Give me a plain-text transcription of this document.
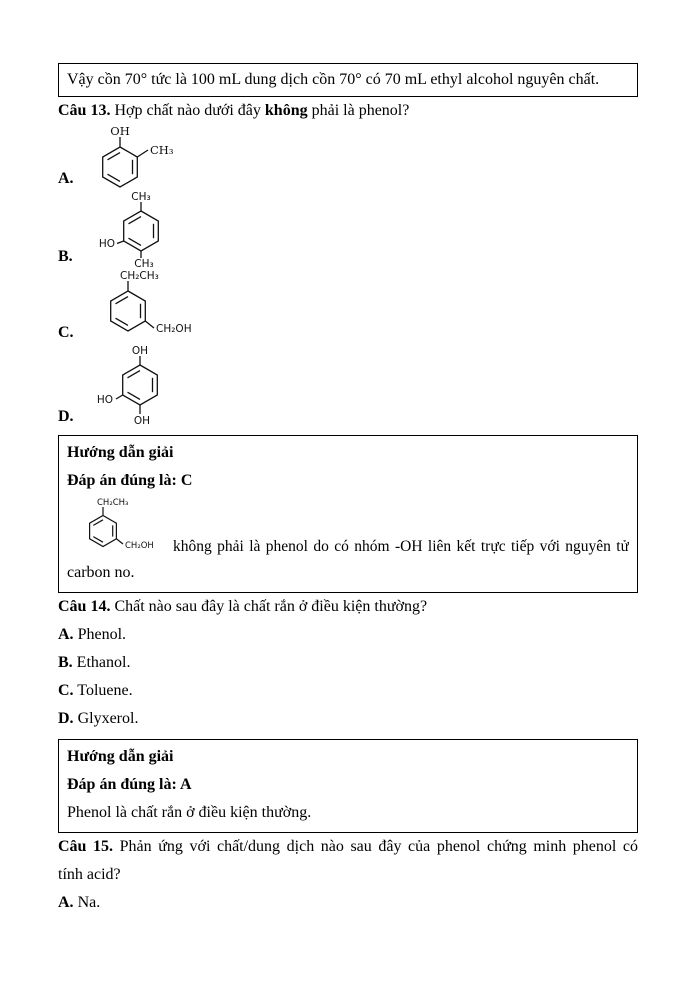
Vậy cồn 70° tức là 100 mL dung dịch cồn 70° có 70 mL ethyl alcohol nguyên chất.

Câu 13. Hợp chất nào dưới đây không phải là phenol?

A.
OH
CH₃
B.
CH₃
HO
CH₃
C.
CH₂CH₃
CH₂OH
D.
OH
HO
OH

Hướng dẫn giải

Đáp án đúng là: C

CH₂CH₃
CH₂OH không phải là phenol do có nhóm -OH liên kết trực tiếp với nguyên tử

carbon no.

Câu 14. Chất nào sau đây là chất rắn ở điều kiện thường?

A. Phenol.

B. Ethanol.

C. Toluene.

D. Glyxerol.

Hướng dẫn giải

Đáp án đúng là: A

Phenol là chất rắn ở điều kiện thường.

Câu 15. Phản ứng với chất/dung dịch nào sau đây của phenol chứng minh phenol có

tính acid?

A. Na.
